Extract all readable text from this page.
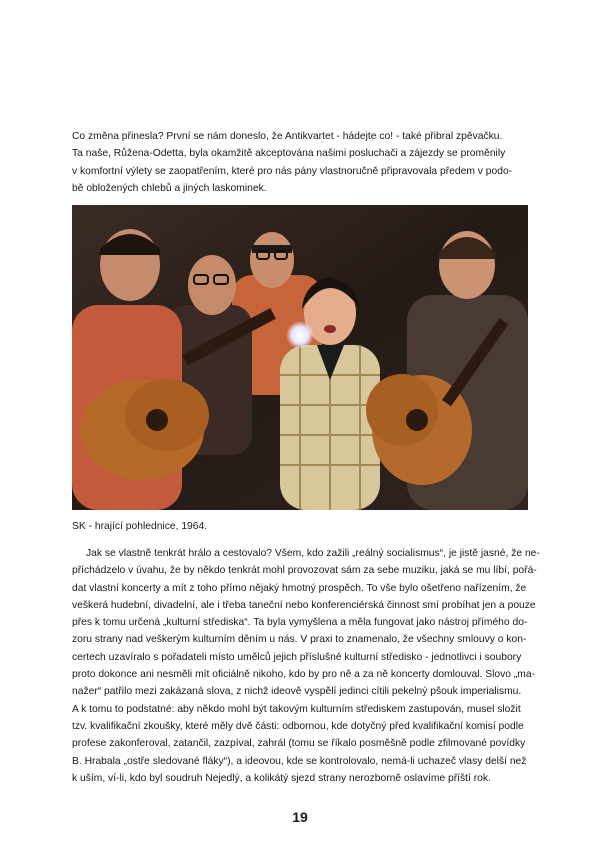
Co změna přinesla? První se nám doneslo, že Antikvartet - hádejte co! - také přibral zpěvačku.
Ta naše, Růžena-Odetta, byla okamžitě akceptována našimi posluchači a zájezdy se proměnily
v komfortní výlety se zaopatřením, které pro nás pány vlastnoručně připravovala předem v podo-
bě obložených chlebů a jiných laskominek.

SK - hrající pohlednice, 1964.

Jak se vlastně tenkrát hrálo a cestovalo? Všem, kdo zažili „reálný socialismus“, je jistě jasné, že ne-
příchádzelo v úvahu, že by někdo tenkrát mohl provozovat sám za sebe muziku, jaká se mu líbí, pořá-
dat vlastní koncerty a mít z toho přímo nějaký hmotný prospěch. To vše bylo ošetřeno nařízením, že
veškerá hudební, divadelní, ale i třeba taneční nebo konferenciérská činnost smí probíhat jen a pouze
přes k tomu určená „kulturní střediska“. Ta byla vymyšlena a měla fungovat jako nástroj přímého do-
zoru strany nad veškerým kulturním děním u nás. V praxi to znamenalo, že všechny smlouvy o kon-
certech uzavíralo s pořadateli místo umělců jejich příslušné kulturní středisko - jednotlivci i soubory
proto dokonce ani nesměli mít oficiálně nikoho, kdo by pro ně a za ně koncerty domlouval. Slovo „ma-
nažer“ patřilo mezi zakázaná slova, z nichž ideově vyspělí jedinci cítili pekelný pšouk imperialismu.
A k tomu to podstatné: aby někdo mohl být takovým kulturním střediskem zastupován, musel složit
tzv. kvalifikační zkoušky, které měly dvě části: odbornou, kde dotyčný před kvalifikační komisí podle
profese zakonferoval, zatančil, zazpíval, zahrál (tomu se říkalo posměšně podle zfilmované povídky
B. Hrabala „ostře sledované fláky“), a ideovou, kde se kontrolovalo, nemá-li uchazeč vlasy delší než
k uším, ví-li, kdo byl soudruh Nejedlý, a kolikátý sjezd strany nerozborně oslavíme příští rok.

19
